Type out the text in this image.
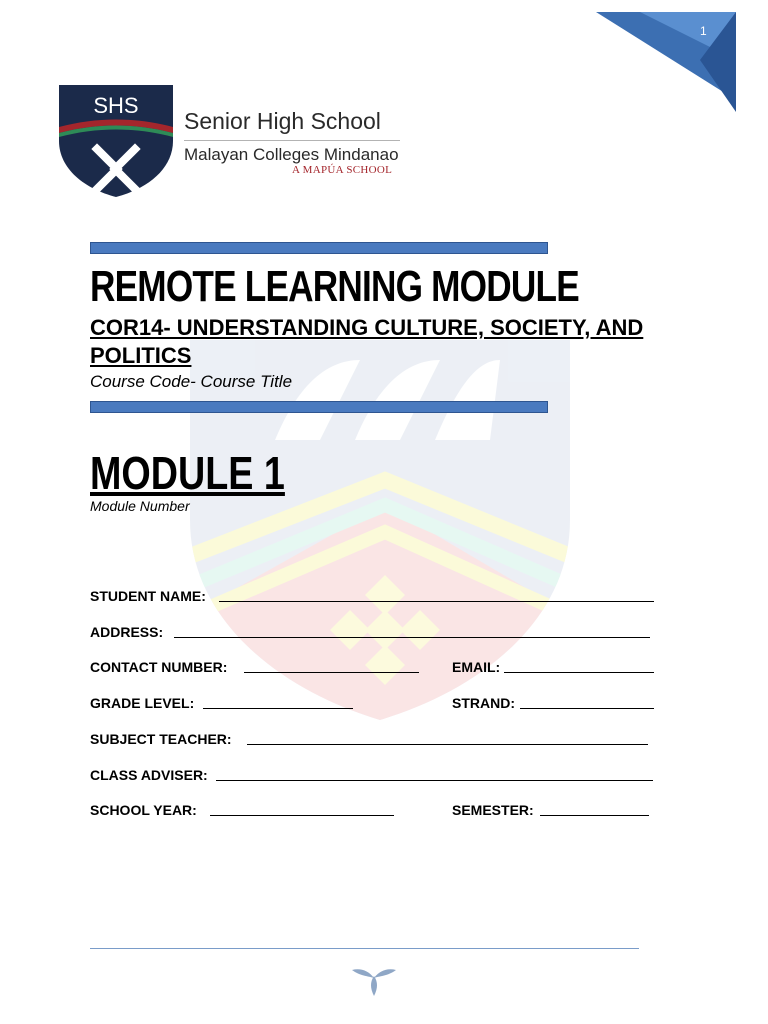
1
SHS
Senior High School
Malayan Colleges Mindanao
A MAPÚA SCHOOL
REMOTE LEARNING MODULE
COR14- UNDERSTANDING CULTURE, SOCIETY, AND POLITICS
Course Code- Course Title
MODULE 1
Module Number
STUDENT NAME:
ADDRESS:
CONTACT NUMBER:	EMAIL:
GRADE LEVEL:	STRAND:
SUBJECT TEACHER:
CLASS ADVISER:
SCHOOL YEAR:	SEMESTER:
